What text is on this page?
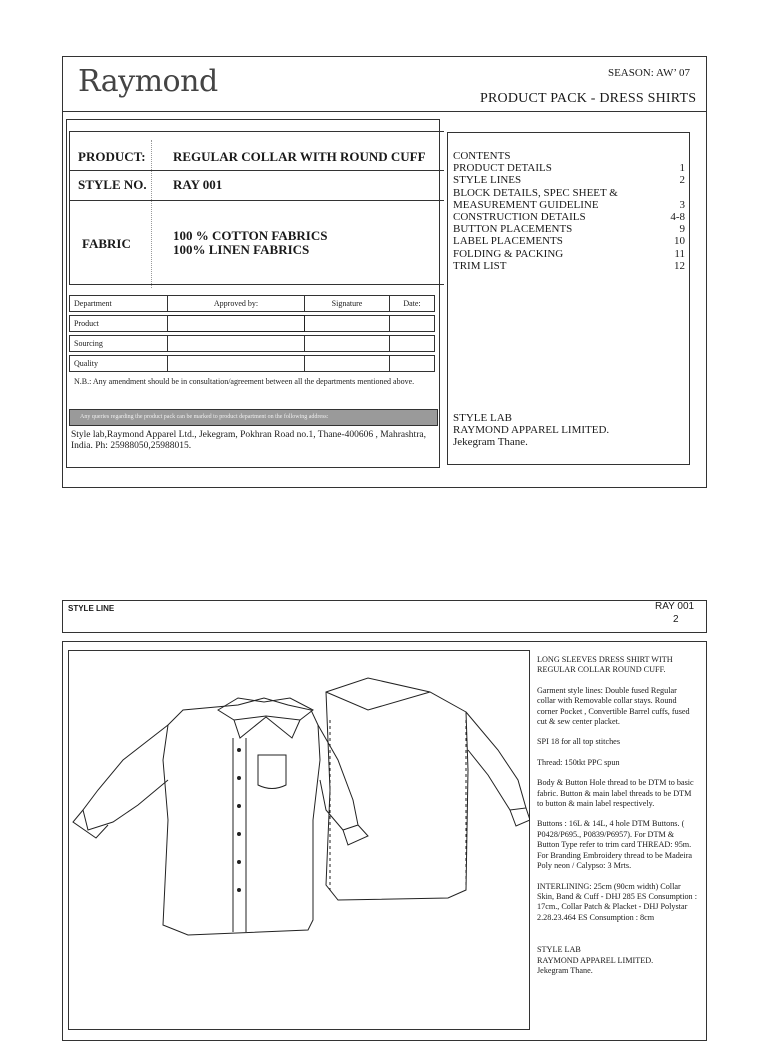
Raymond	SEASON: AW’ 07
PRODUCT PACK - DRESS SHIRTS
PRODUCT: REGULAR COLLAR WITH ROUND CUFF
STYLE NO. RAY 001
FABRIC
100 % COTTON FABRICS
100% LINEN FABRICS
Department	Approved by:	Signature	Date:

Product			

Sourcing			

Quality			
N.B.: Any amendment should be in consultation/agreement between all the departments mentioned above.
Any queries regarding the product pack can be marked to product department on the following address:
Style lab,Raymond Apparel Ltd., Jekegram, Pokhran Road no.1, Thane-400606 , Mahrashtra, India. Ph: 25988050,25988015.
CONTENTS
PRODUCT DETAILS	1
STYLE LINES	2
BLOCK DETAILS, SPEC SHEET &
MEASUREMENT GUIDELINE	3
CONSTRUCTION DETAILS	4-8
BUTTON PLACEMENTS	9
LABEL PLACEMENTS	10
FOLDING & PACKING	11
TRIM LIST	12
STYLE LAB
RAYMOND APPAREL LIMITED.
Jekegram Thane.
STYLE LINE	RAY 001
2

LONG SLEEVES DRESS SHIRT WITH REGULAR COLLAR ROUND CUFF.

Garment style lines: Double fused Regular collar with Removable collar stays. Round corner Pocket , Convertible Barrel cuffs, fused cut & sew center placket.

SPI 18 for all top stitches

Thread: 150tkt PPC spun

Body & Button Hole thread to be DTM to basic fabric. Button & main label threads to be DTM to button & main label respectively.

Buttons : 16L & 14L, 4 hole DTM Buttons. ( P0428/P695., P0839/P6957). For DTM & Button Type refer to trim card THREAD: 95m. For Branding Embroidery thread to be Madeira Poly neon / Calypso: 3 Mrts.

INTERLINING: 25cm (90cm width) Collar Skin, Band & Cuff - DHJ 285 ES Consumption : 17cm., Collar Patch & Placket - DHJ Polystar 2.28.23.464 ES Consumption : 8cm

STYLE LAB
RAYMOND APPAREL LIMITED.
Jekegram Thane.
